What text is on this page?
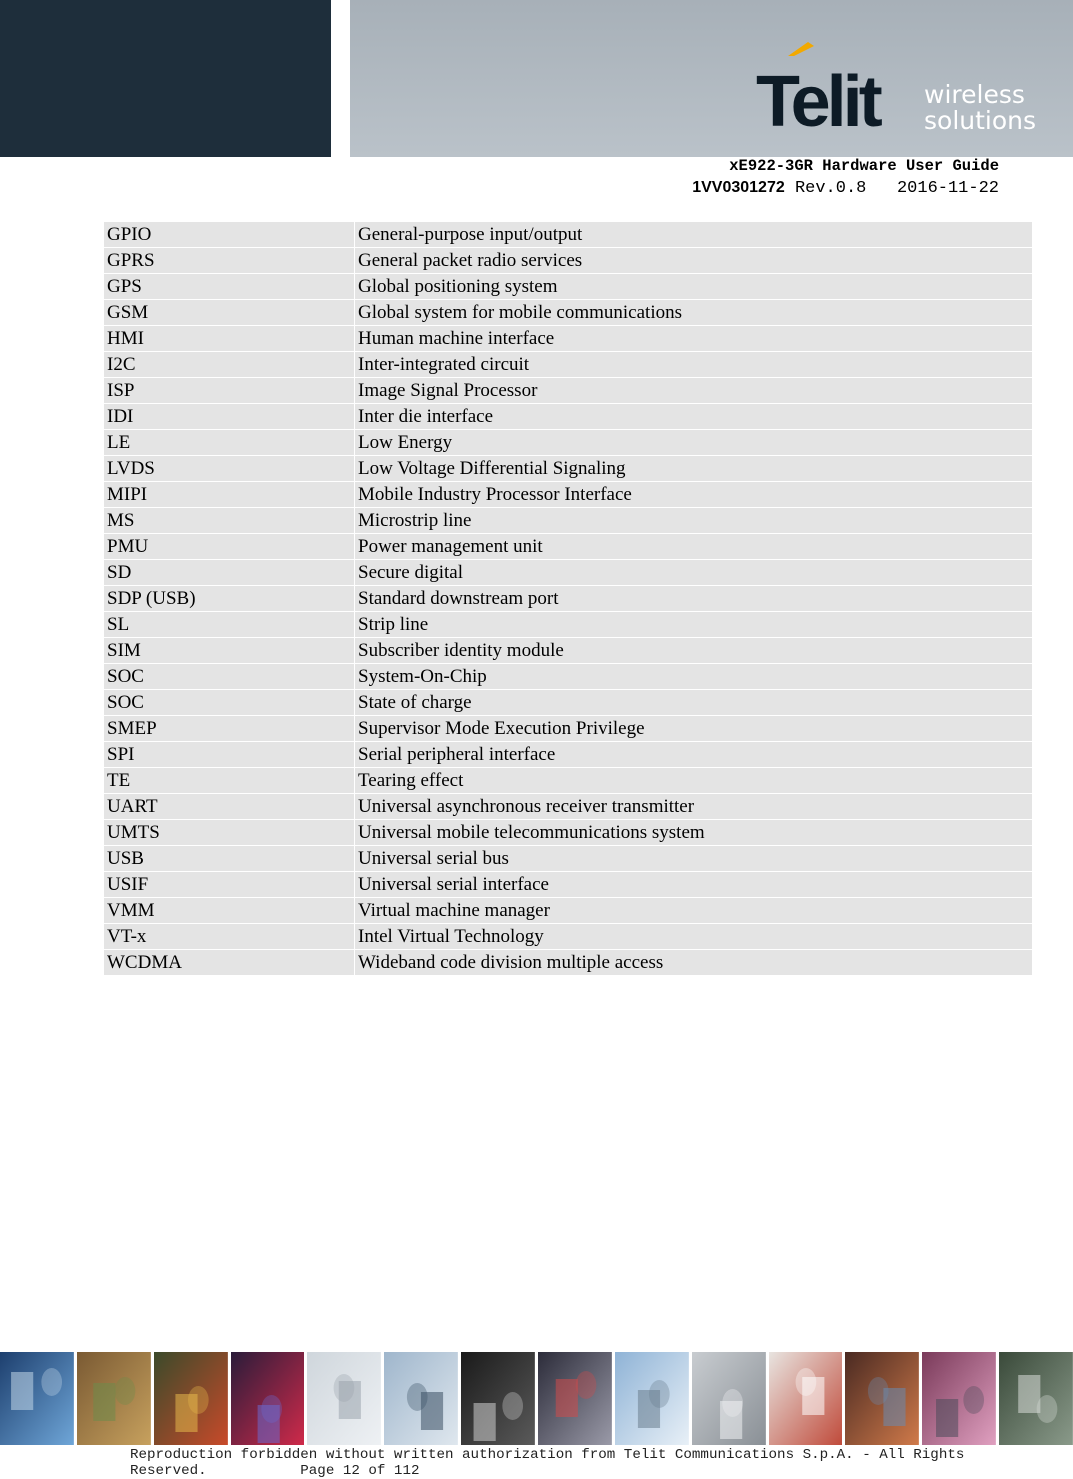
Telit wireless
solutions
xE922-3GR Hardware User Guide
1VV0301272 Rev.0.8 2016-11-22
GPIO	General-purpose input/output
GPRS	General packet radio services
GPS	Global positioning system
GSM	Global system for mobile communications
HMI	Human machine interface
I2C	Inter-integrated circuit
ISP	Image Signal Processor
IDI	Inter die interface
LE	Low Energy
LVDS	Low Voltage Differential Signaling
MIPI	Mobile Industry Processor Interface
MS	Microstrip line
PMU	Power management unit
SD	Secure digital
SDP (USB)	Standard downstream port
SL	Strip line
SIM	Subscriber identity module
SOC	System-On-Chip
SOC	State of charge
SMEP	Supervisor Mode Execution Privilege
SPI	Serial peripheral interface
TE	Tearing effect
UART	Universal asynchronous receiver transmitter
UMTS	Universal mobile telecommunications system
USB	Universal serial bus
USIF	Universal serial interface
VMM	Virtual machine manager
VT-x	Intel Virtual Technology
WCDMA	Wideband code division multiple access
Reproduction forbidden without written authorization from Telit Communications S.p.A. - All Rights
Reserved.	Page 12 of 112
